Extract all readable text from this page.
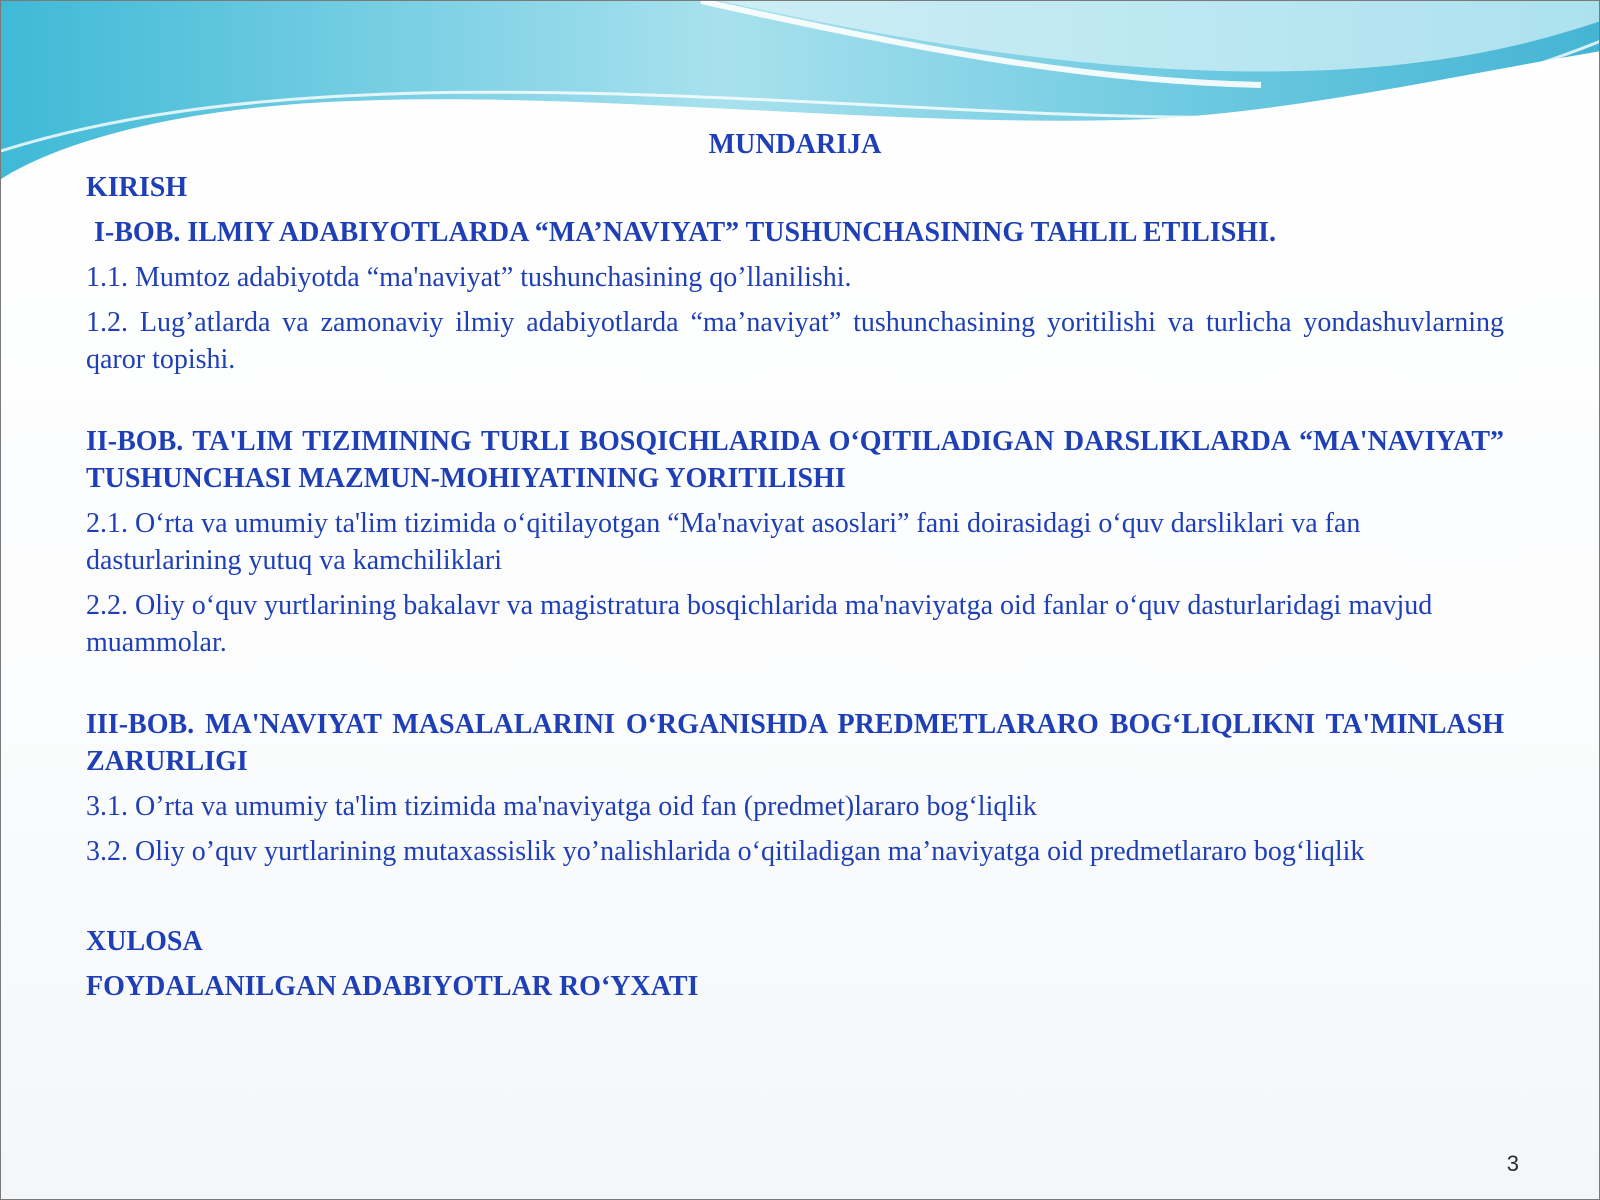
MUNDARIJA
KIRISH
I-BOB. ILMIY ADABIYOTLARDA “MA’NAVIYAT” TUSHUNCHASINING TAHLIL ETILISHI.
1.1. Mumtoz adabiyotda “ma'naviyat” tushunchasining qo’llanilishi.
1.2. Lug’atlarda va zamonaviy ilmiy adabiyotlarda “ma’naviyat” tushunchasining yoritilishi va turlicha yondashuvlarning qaror topishi.
II-BOB. TA'LIM TIZIMINING TURLI BOSQICHLARIDA O‘QITILADIGAN DARSLIKLARDA “MA'NAVIYAT” TUSHUNCHASI MAZMUN-MOHIYATINING YORITILISHI
2.1. O‘rta va umumiy ta'lim tizimida o‘qitilayotgan “Ma'naviyat asoslari” fani doirasidagi o‘quv darsliklari va fan dasturlarining yutuq va kamchiliklari
2.2. Oliy o‘quv yurtlarining bakalavr va magistratura bosqichlarida ma'naviyatga oid fanlar o‘quv dasturlaridagi mavjud muammolar.
III-BOB. MA'NAVIYAT MASALALARINI O‘RGANISHDA PREDMETLARARO BOG‘LIQLIKNI TA'MINLASH ZARURLIGI
3.1. O’rta va umumiy ta'lim tizimida ma'naviyatga oid fan (predmet)lararo bog‘liqlik
3.2. Oliy o’quv yurtlarining mutaxassislik yo’nalishlarida o‘qitiladigan ma’naviyatga oid predmetlararo bog‘liqlik
XULOSA
FOYDALANILGAN ADABIYOTLAR RO‘YXATI
3
